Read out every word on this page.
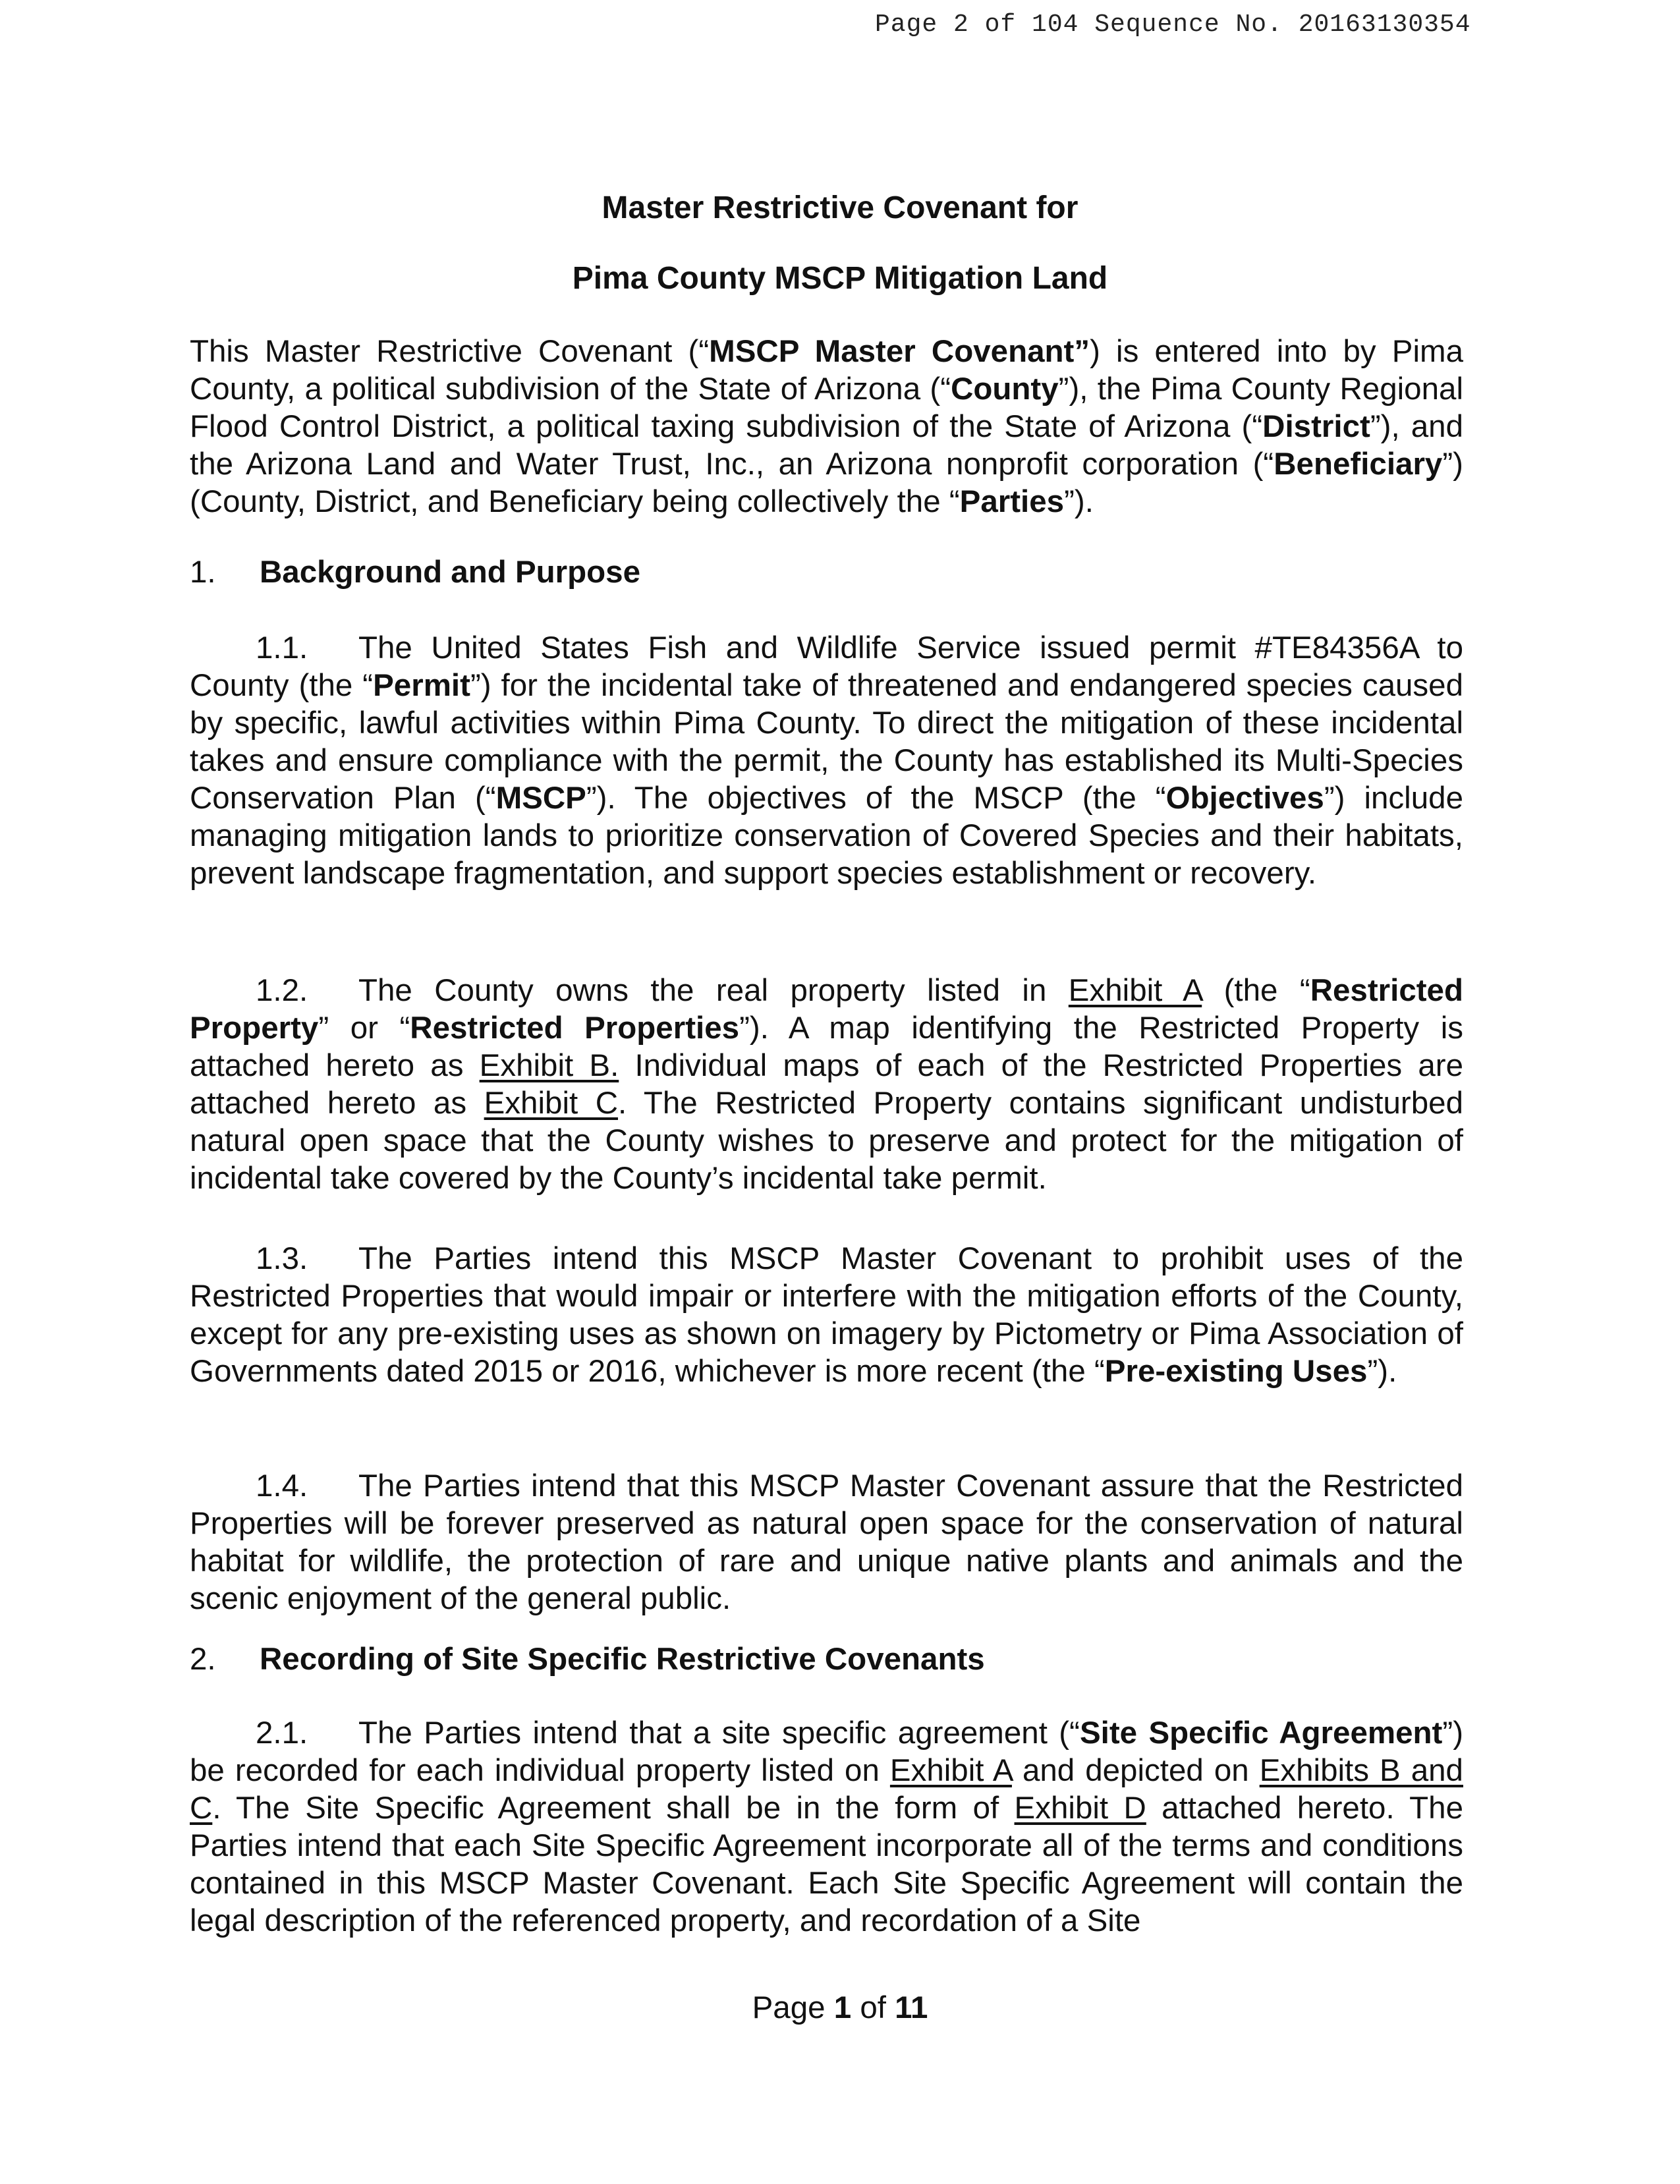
Page 2 of 104 Sequence No. 20163130354
Master Restrictive Covenant for
Pima County MSCP Mitigation Land
This Master Restrictive Covenant (“MSCP Master Covenant”) is entered into by Pima County, a political subdivision of the State of Arizona (“County”), the Pima County Regional Flood Control District, a political taxing subdivision of the State of Arizona (“District”), and the Arizona Land and Water Trust, Inc., an Arizona nonprofit corporation (“Beneficiary”) (County, District, and Beneficiary being collectively the “Parties”).
1. Background and Purpose
1.1. The United States Fish and Wildlife Service issued permit #TE84356A to County (the “Permit”) for the incidental take of threatened and endangered species caused by specific, lawful activities within Pima County. To direct the mitigation of these incidental takes and ensure compliance with the permit, the County has established its Multi-Species Conservation Plan (“MSCP”). The objectives of the MSCP (the “Objectives”) include managing mitigation lands to prioritize conservation of Covered Species and their habitats, prevent landscape fragmentation, and support species establishment or recovery.
1.2. The County owns the real property listed in Exhibit A (the “Restricted Property” or “Restricted Properties”). A map identifying the Restricted Property is attached hereto as Exhibit B. Individual maps of each of the Restricted Properties are attached hereto as Exhibit C. The Restricted Property contains significant undisturbed natural open space that the County wishes to preserve and protect for the mitigation of incidental take covered by the County’s incidental take permit.
1.3. The Parties intend this MSCP Master Covenant to prohibit uses of the Restricted Properties that would impair or interfere with the mitigation efforts of the County, except for any pre-existing uses as shown on imagery by Pictometry or Pima Association of Governments dated 2015 or 2016, whichever is more recent (the “Pre-existing Uses”).
1.4. The Parties intend that this MSCP Master Covenant assure that the Restricted Properties will be forever preserved as natural open space for the conservation of natural habitat for wildlife, the protection of rare and unique native plants and animals and the scenic enjoyment of the general public.
2. Recording of Site Specific Restrictive Covenants
2.1. The Parties intend that a site specific agreement (“Site Specific Agreement”) be recorded for each individual property listed on Exhibit A and depicted on Exhibits B and C. The Site Specific Agreement shall be in the form of Exhibit D attached hereto. The Parties intend that each Site Specific Agreement incorporate all of the terms and conditions contained in this MSCP Master Covenant. Each Site Specific Agreement will contain the legal description of the referenced property, and recordation of a Site
Page 1 of 11
